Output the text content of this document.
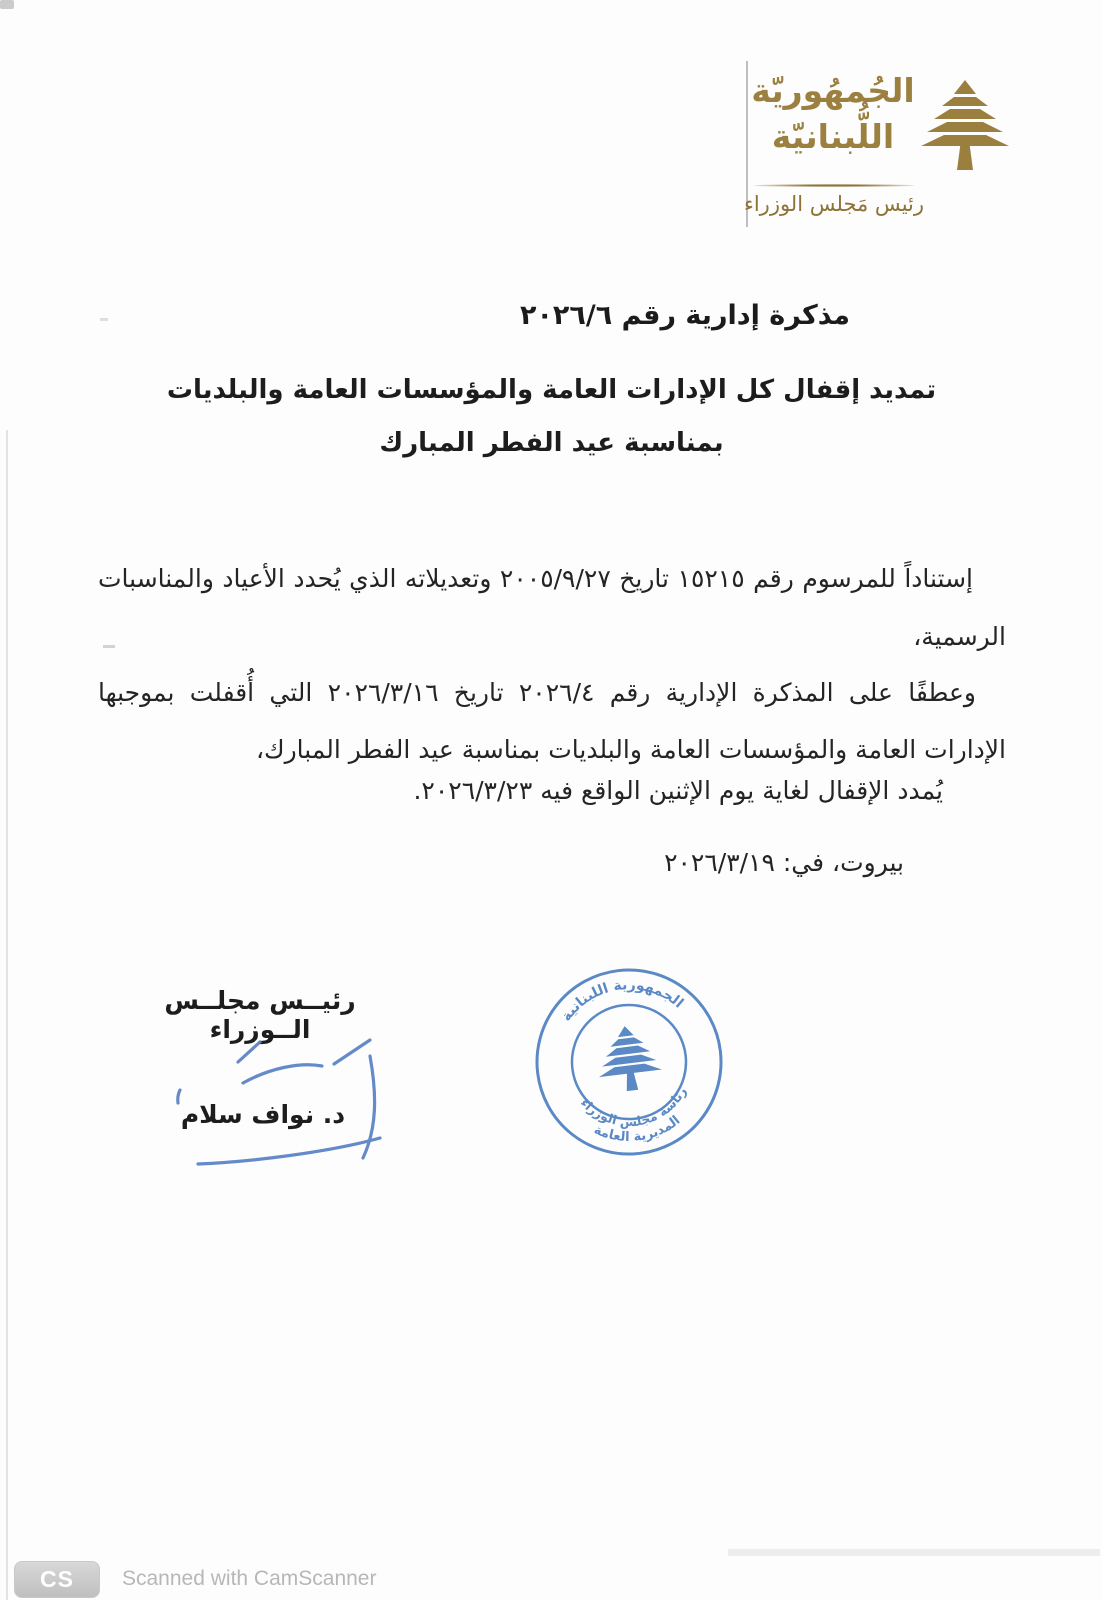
الجُمهُوريّة
اللُّبنانيّة
رئيس مَجلس الوزراء
مذكرة إدارية رقم ٢٠٢٦/٦
تمديد إقفال كل الإدارات العامة والمؤسسات العامة والبلديات
بمناسبة عيد الفطر المبارك
إستناداً للمرسوم رقم ١٥٢١٥ تاريخ ٢٠٠٥/٩/٢٧ وتعديلاته الذي يُحدد الأعياد والمناسبات الرسمية،
وعطفًا على المذكرة الإدارية رقم ٢٠٢٦/٤ تاريخ ٢٠٢٦/٣/١٦ التي أُقفلت بموجبها الإدارات العامة والمؤسسات العامة والبلديات بمناسبة عيد الفطر المبارك،
يُمدد الإقفال لغاية يوم الإثنين الواقع فيه ٢٠٢٦/٣/٢٣.
بيروت، في: ٢٠٢٦/٣/١٩
رئيــس مجلــس الــوزراء
د. نواف سلام
الجمهورية اللبنانية
رئاسة مجلس الوزراء
المديرية العامة
CS	Scanned with CamScanner
